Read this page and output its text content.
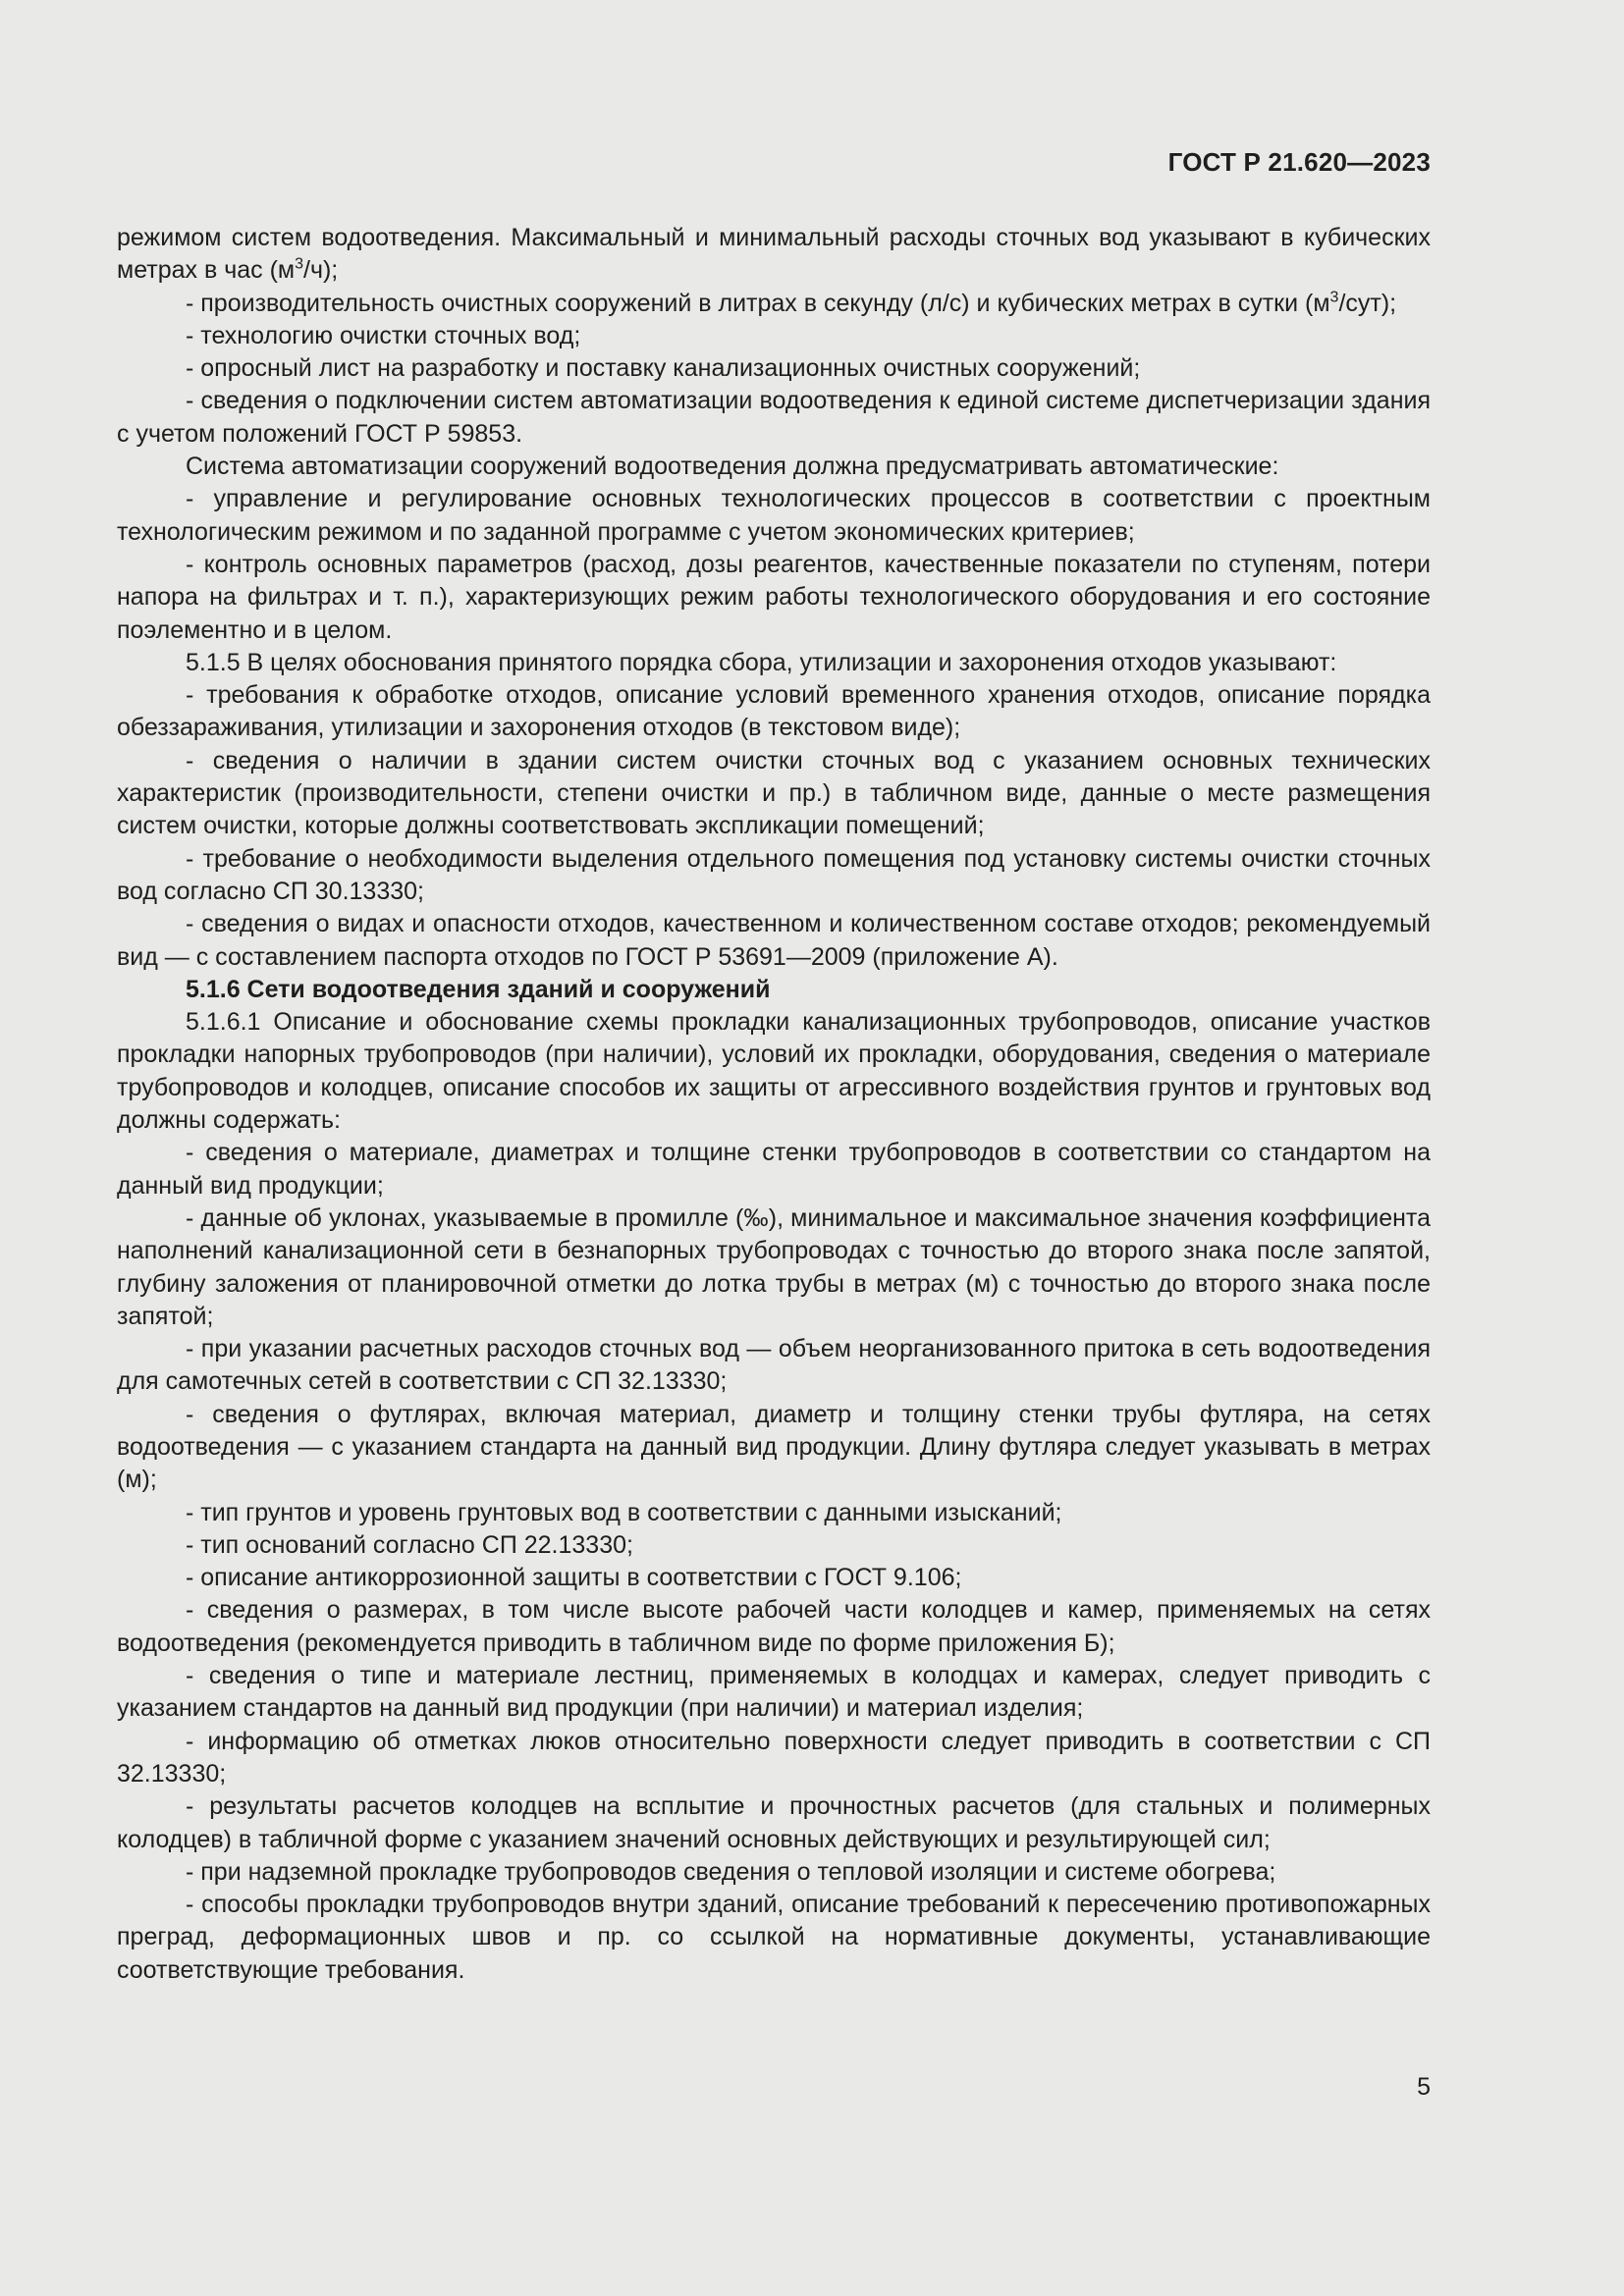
ГОСТ Р 21.620—2023

режимом систем водоотведения. Максимальный и минимальный расходы сточных вод указывают в кубических метрах в час $(м^3/ч)$;

- производительность очистных сооружений в литрах в секунду (л/с) и кубических метрах в сутки $(м^3/сут)$;

- технологию очистки сточных вод;

- опросный лист на разработку и поставку канализационных очистных сооружений;

- сведения о подключении систем автоматизации водоотведения к единой системе диспетчеризации здания с учетом положений ГОСТ Р 59853.

Система автоматизации сооружений водоотведения должна предусматривать автоматические:

- управление и регулирование основных технологических процессов в соответствии с проектным технологическим режимом и по заданной программе с учетом экономических критериев;

- контроль основных параметров (расход, дозы реагентов, качественные показатели по ступеням, потери напора на фильтрах и т. п.), характеризующих режим работы технологического оборудования и его состояние поэлементно и в целом.

5.1.5 В целях обоснования принятого порядка сбора, утилизации и захоронения отходов указывают:

- требования к обработке отходов, описание условий временного хранения отходов, описание порядка обеззараживания, утилизации и захоронения отходов (в текстовом виде);

- сведения о наличии в здании систем очистки сточных вод с указанием основных технических характеристик (производительности, степени очистки и пр.) в табличном виде, данные о месте размещения систем очистки, которые должны соответствовать экспликации помещений;

- требование о необходимости выделения отдельного помещения под установку системы очистки сточных вод согласно СП 30.13330;

- сведения о видах и опасности отходов, качественном и количественном составе отходов; рекомендуемый вид — с составлением паспорта отходов по ГОСТ Р 53691—2009 (приложение А).

5.1.6 Сети водоотведения зданий и сооружений

5.1.6.1 Описание и обоснование схемы прокладки канализационных трубопроводов, описание участков прокладки напорных трубопроводов (при наличии), условий их прокладки, оборудования, сведения о материале трубопроводов и колодцев, описание способов их защиты от агрессивного воздействия грунтов и грунтовых вод должны содержать:

- сведения о материале, диаметрах и толщине стенки трубопроводов в соответствии со стандартом на данный вид продукции;

- данные об уклонах, указываемые в промилле (‰), минимальное и максимальное значения коэффициента наполнений канализационной сети в безнапорных трубопроводах с точностью до второго знака после запятой, глубину заложения от планировочной отметки до лотка трубы в метрах (м) с точностью до второго знака после запятой;

- при указании расчетных расходов сточных вод — объем неорганизованного притока в сеть водоотведения для самотечных сетей в соответствии с СП 32.13330;

- сведения о футлярах, включая материал, диаметр и толщину стенки трубы футляра, на сетях водоотведения — с указанием стандарта на данный вид продукции. Длину футляра следует указывать в метрах (м);

- тип грунтов и уровень грунтовых вод в соответствии с данными изысканий;

- тип оснований согласно СП 22.13330;

- описание антикоррозионной защиты в соответствии с ГОСТ 9.106;

- сведения о размерах, в том числе высоте рабочей части колодцев и камер, применяемых на сетях водоотведения (рекомендуется приводить в табличном виде по форме приложения Б);

- сведения о типе и материале лестниц, применяемых в колодцах и камерах, следует приводить с указанием стандартов на данный вид продукции (при наличии) и материал изделия;

- информацию об отметках люков относительно поверхности следует приводить в соответствии с СП 32.13330;

- результаты расчетов колодцев на всплытие и прочностных расчетов (для стальных и полимерных колодцев) в табличной форме с указанием значений основных действующих и результирующей сил;

- при надземной прокладке трубопроводов сведения о тепловой изоляции и системе обогрева;

- способы прокладки трубопроводов внутри зданий, описание требований к пересечению противопожарных преград, деформационных швов и пр. со ссылкой на нормативные документы, устанавливающие соответствующие требования.

5
